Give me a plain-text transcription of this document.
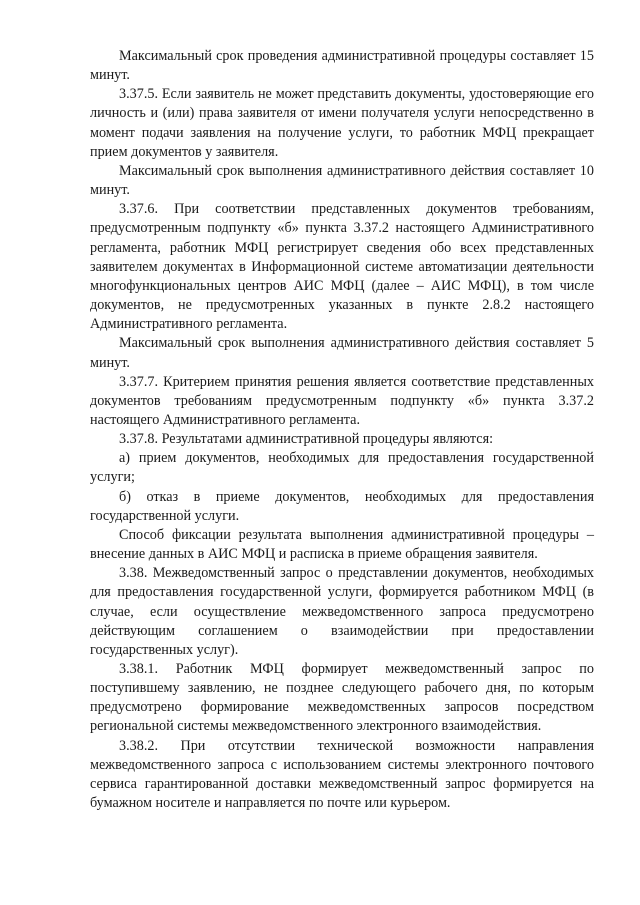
Максимальный срок проведения административной процедуры составляет 15 минут.

3.37.5. Если заявитель не может представить документы, удостоверяющие его личность и (или) права заявителя от имени получателя услуги непосредственно в момент подачи заявления на получение услуги, то работник МФЦ прекращает прием документов у заявителя.

Максимальный срок выполнения административного действия составляет 10 минут.

3.37.6. При соответствии представленных документов требованиям, предусмотренным подпункту «б» пункта 3.37.2 настоящего Административного регламента, работник МФЦ регистрирует сведения обо всех представленных заявителем документах в Информационной системе автоматизации деятельности многофункциональных центров АИС МФЦ (далее – АИС МФЦ), в том числе документов, не предусмотренных указанных в пункте 2.8.2 настоящего Административного регламента.

Максимальный срок выполнения административного действия составляет 5 минут.

3.37.7. Критерием принятия решения является соответствие представленных документов требованиям предусмотренным подпункту «б» пункта 3.37.2 настоящего Административного регламента.

3.37.8. Результатами административной процедуры являются:

а) прием документов, необходимых для предоставления государственной услуги;

б) отказ в приеме документов, необходимых для предоставления государственной услуги.

Способ фиксации результата выполнения административной процедуры – внесение данных в АИС МФЦ и расписка в приеме обращения заявителя.

3.38. Межведомственный запрос о представлении документов, необходимых для предоставления государственной услуги, формируется работником МФЦ (в случае, если осуществление межведомственного запроса предусмотрено действующим соглашением о взаимодействии при предоставлении государственных услуг).

3.38.1. Работник МФЦ формирует межведомственный запрос по поступившему заявлению, не позднее следующего рабочего дня, по которым предусмотрено формирование межведомственных запросов посредством региональной системы межведомственного электронного взаимодействия.

3.38.2. При отсутствии технической возможности направления межведомственного запроса с использованием системы электронного почтового сервиса гарантированной доставки межведомственный запрос формируется на бумажном носителе и направляется по почте или курьером.
